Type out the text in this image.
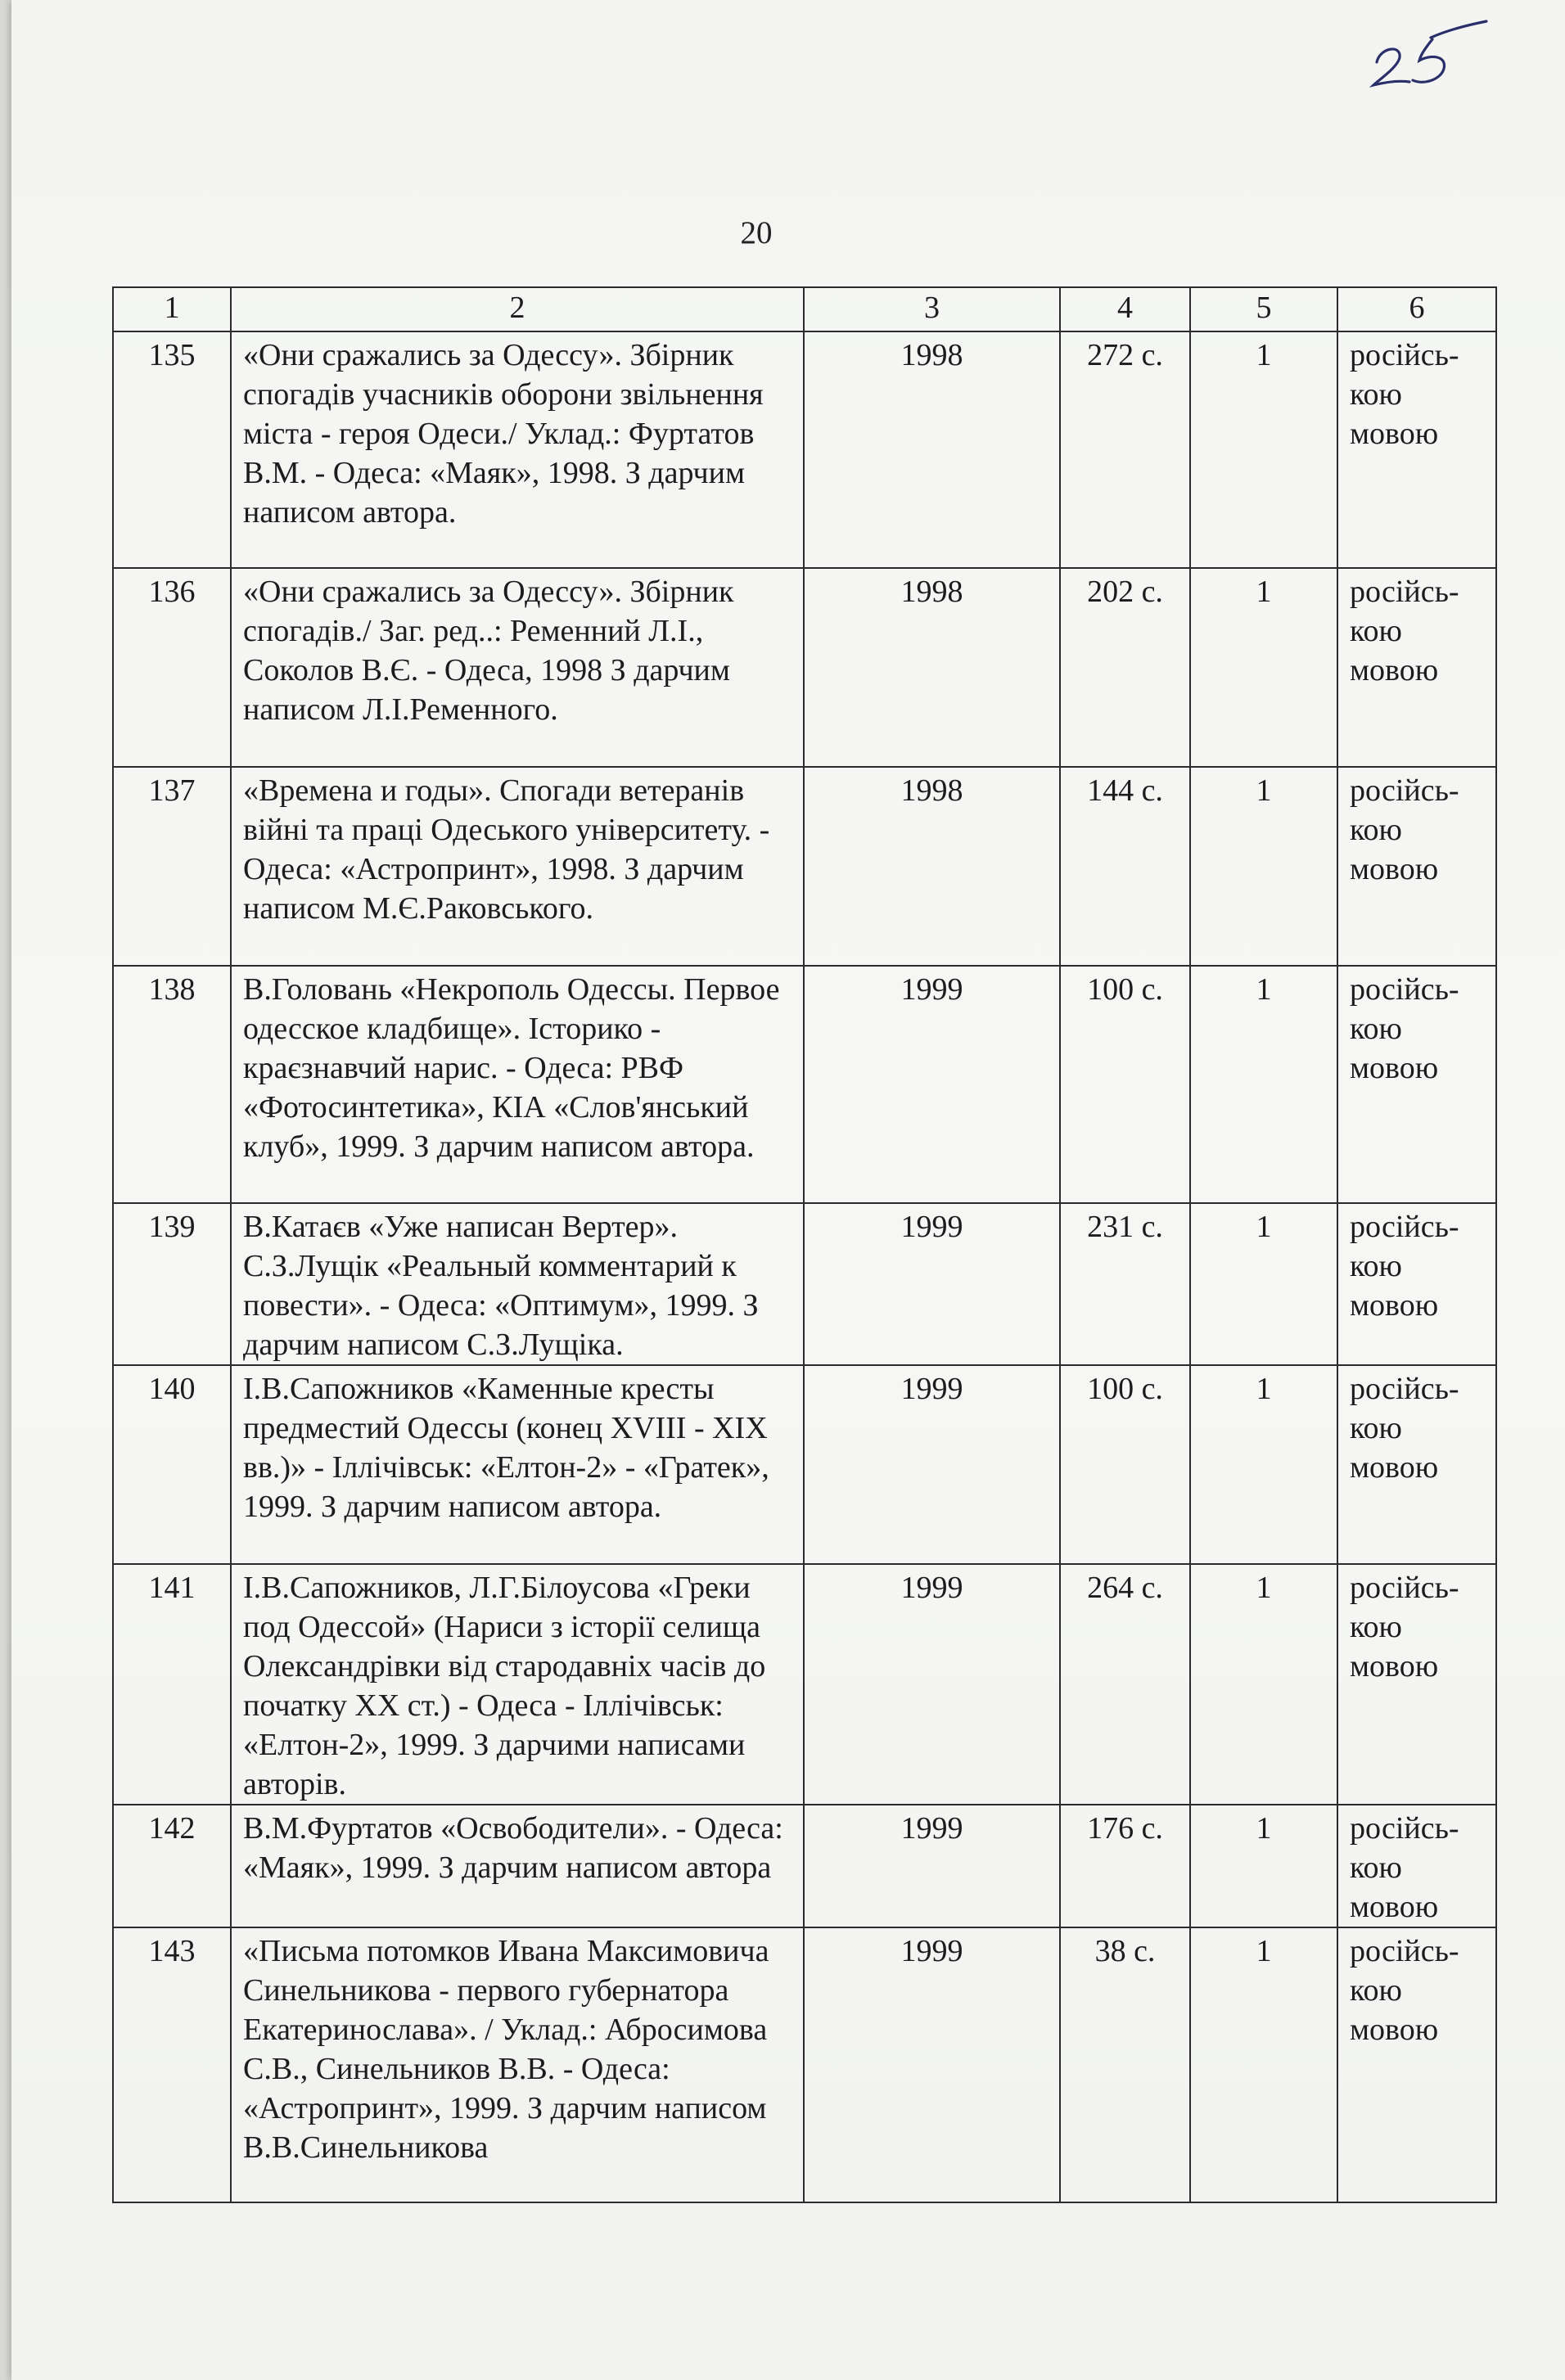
20
1	2	3	4	5	6
135	«Они сражались за Одессу». Збірник спогадів учасників оборони звільнення міста - героя Одеси./ Уклад.: Фуртатов В.М. - Одеса: «Маяк», 1998. З дарчим написом автора.	1998	272 с.	1	російсь-кою мовою
136	«Они сражались за Одессу». Збірник спогадів./ Заг. ред..: Ременний Л.І., Соколов В.Є. - Одеса, 1998 З дарчим написом Л.І.Ременного.	1998	202 с.	1	російсь-кою мовою
137	«Времена и годы». Спогади ветеранів війні та праці Одеського університету. - Одеса: «Астропринт», 1998. З дарчим написом М.Є.Раковського.	1998	144 с.	1	російсь-кою мовою
138	В.Головань «Некрополь Одессы. Первое одесское кладбище». Історико - краєзнавчий нарис. - Одеса: РВФ «Фотосинтетика», КІА «Слов'янський клуб», 1999. З дарчим написом автора.	1999	100 с.	1	російсь-кою мовою
139	В.Катаєв «Уже написан Вертер». С.З.Лущік «Реальный комментарий к повести». - Одеса: «Оптимум», 1999. З дарчим написом С.З.Лущіка.	1999	231 с.	1	російсь-кою мовою
140	І.В.Сапожников «Каменные кресты предместий Одессы (конец XVIII - XIX вв.)» - Іллічівськ: «Елтон-2» - «Гратек», 1999. З дарчим написом автора.	1999	100 с.	1	російсь-кою мовою
141	І.В.Сапожников, Л.Г.Білоусова «Греки под Одессой» (Нариси з історії селища Олександрівки від стародавніх часів до початку XX ст.) - Одеса - Іллічівськ: «Елтон-2», 1999. З дарчими написами авторів.	1999	264 с.	1	російсь-кою мовою
142	В.М.Фуртатов «Освободители». - Одеса: «Маяк», 1999. З дарчим написом автора	1999	176 с.	1	російсь-кою мовою
143	«Письма потомков Ивана Максимовича Синельникова - первого губернатора Екатеринослава». / Уклад.: Абросимова С.В., Синельников В.В. - Одеса: «Астропринт», 1999. З дарчим написом В.В.Синельникова	1999	38 с.	1	російсь-кою мовою
